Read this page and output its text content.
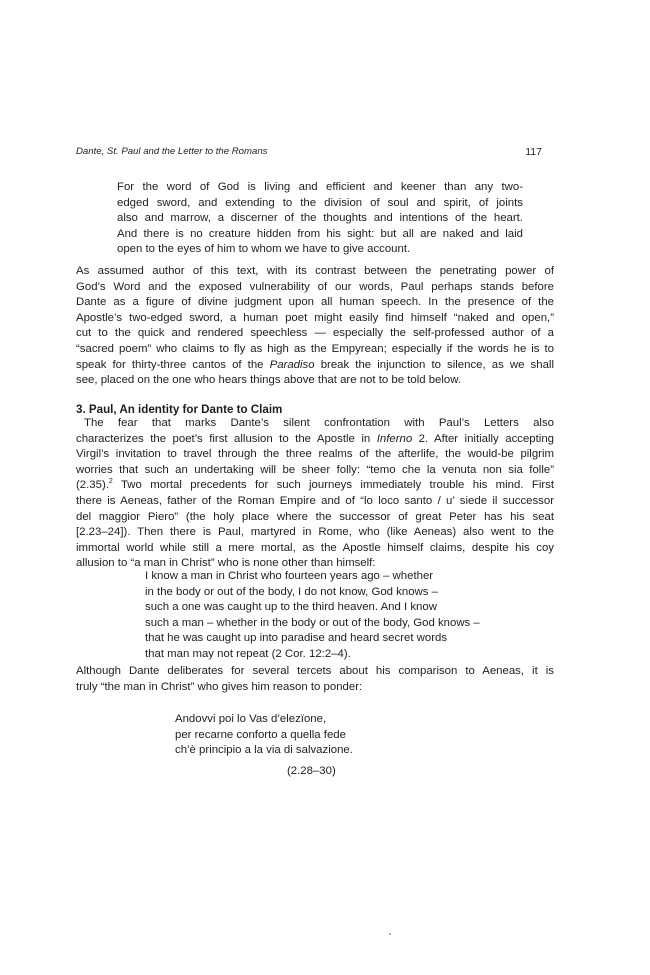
Dante, St. Paul and the Letter to the Romans	117
For the word of God is living and efficient and keener than any two-
edged sword, and extending to the division of soul and spirit, of joints
also and marrow, a discerner of the thoughts and intentions of the heart.
And there is no creature hidden from his sight: but all are naked and laid
open to the eyes of him to whom we have to give account.
As assumed author of this text, with its contrast between the penetrating power of
God’s Word and the exposed vulnerability of our words, Paul perhaps stands before
Dante as a figure of divine judgment upon all human speech. In the presence of the
Apostle’s two-edged sword, a human poet might easily find himself “naked and open,”
cut to the quick and rendered speechless — especially the self-professed author of a
“sacred poem” who claims to fly as high as the Empyrean; especially if the words he is to
speak for thirty-three cantos of the Paradiso break the injunction to silence, as we shall
see, placed on the one who hears things above that are not to be told below.
3. Paul, An identity for Dante to Claim
The fear that marks Dante’s silent confrontation with Paul’s Letters also
characterizes the poet’s first allusion to the Apostle in Inferno 2. After initially accepting
Virgil’s invitation to travel through the three realms of the afterlife, the would-be pilgrim
worries that such an undertaking will be sheer folly: “temo che la venuta non sia folle”
(2.35).$^2$ Two mortal precedents for such journeys immediately trouble his mind. First
there is Aeneas, father of the Roman Empire and of “lo loco santo / u’ siede il successor
del maggior Piero” (the holy place where the successor of great Peter has his seat
[2.23–24]). Then there is Paul, martyred in Rome, who (like Aeneas) also went to the
immortal world while still a mere mortal, as the Apostle himself claims, despite his coy
allusion to “a man in Christ” who is none other than himself:
I know a man in Christ who fourteen years ago – whether
in the body or out of the body, I do not know, God knows –
such a one was caught up to the third heaven. And I know
such a man – whether in the body or out of the body, God knows –
that he was caught up into paradise and heard secret words
that man may not repeat (2 Cor. 12:2–4).
Although Dante deliberates for several tercets about his comparison to Aeneas, it is
truly “the man in Christ” who gives him reason to ponder:
Andovvi poi lo Vas d’elezïone,
per recarne conforto a quella fede
ch’è principio a la via di salvazione.
(2.28–30)
